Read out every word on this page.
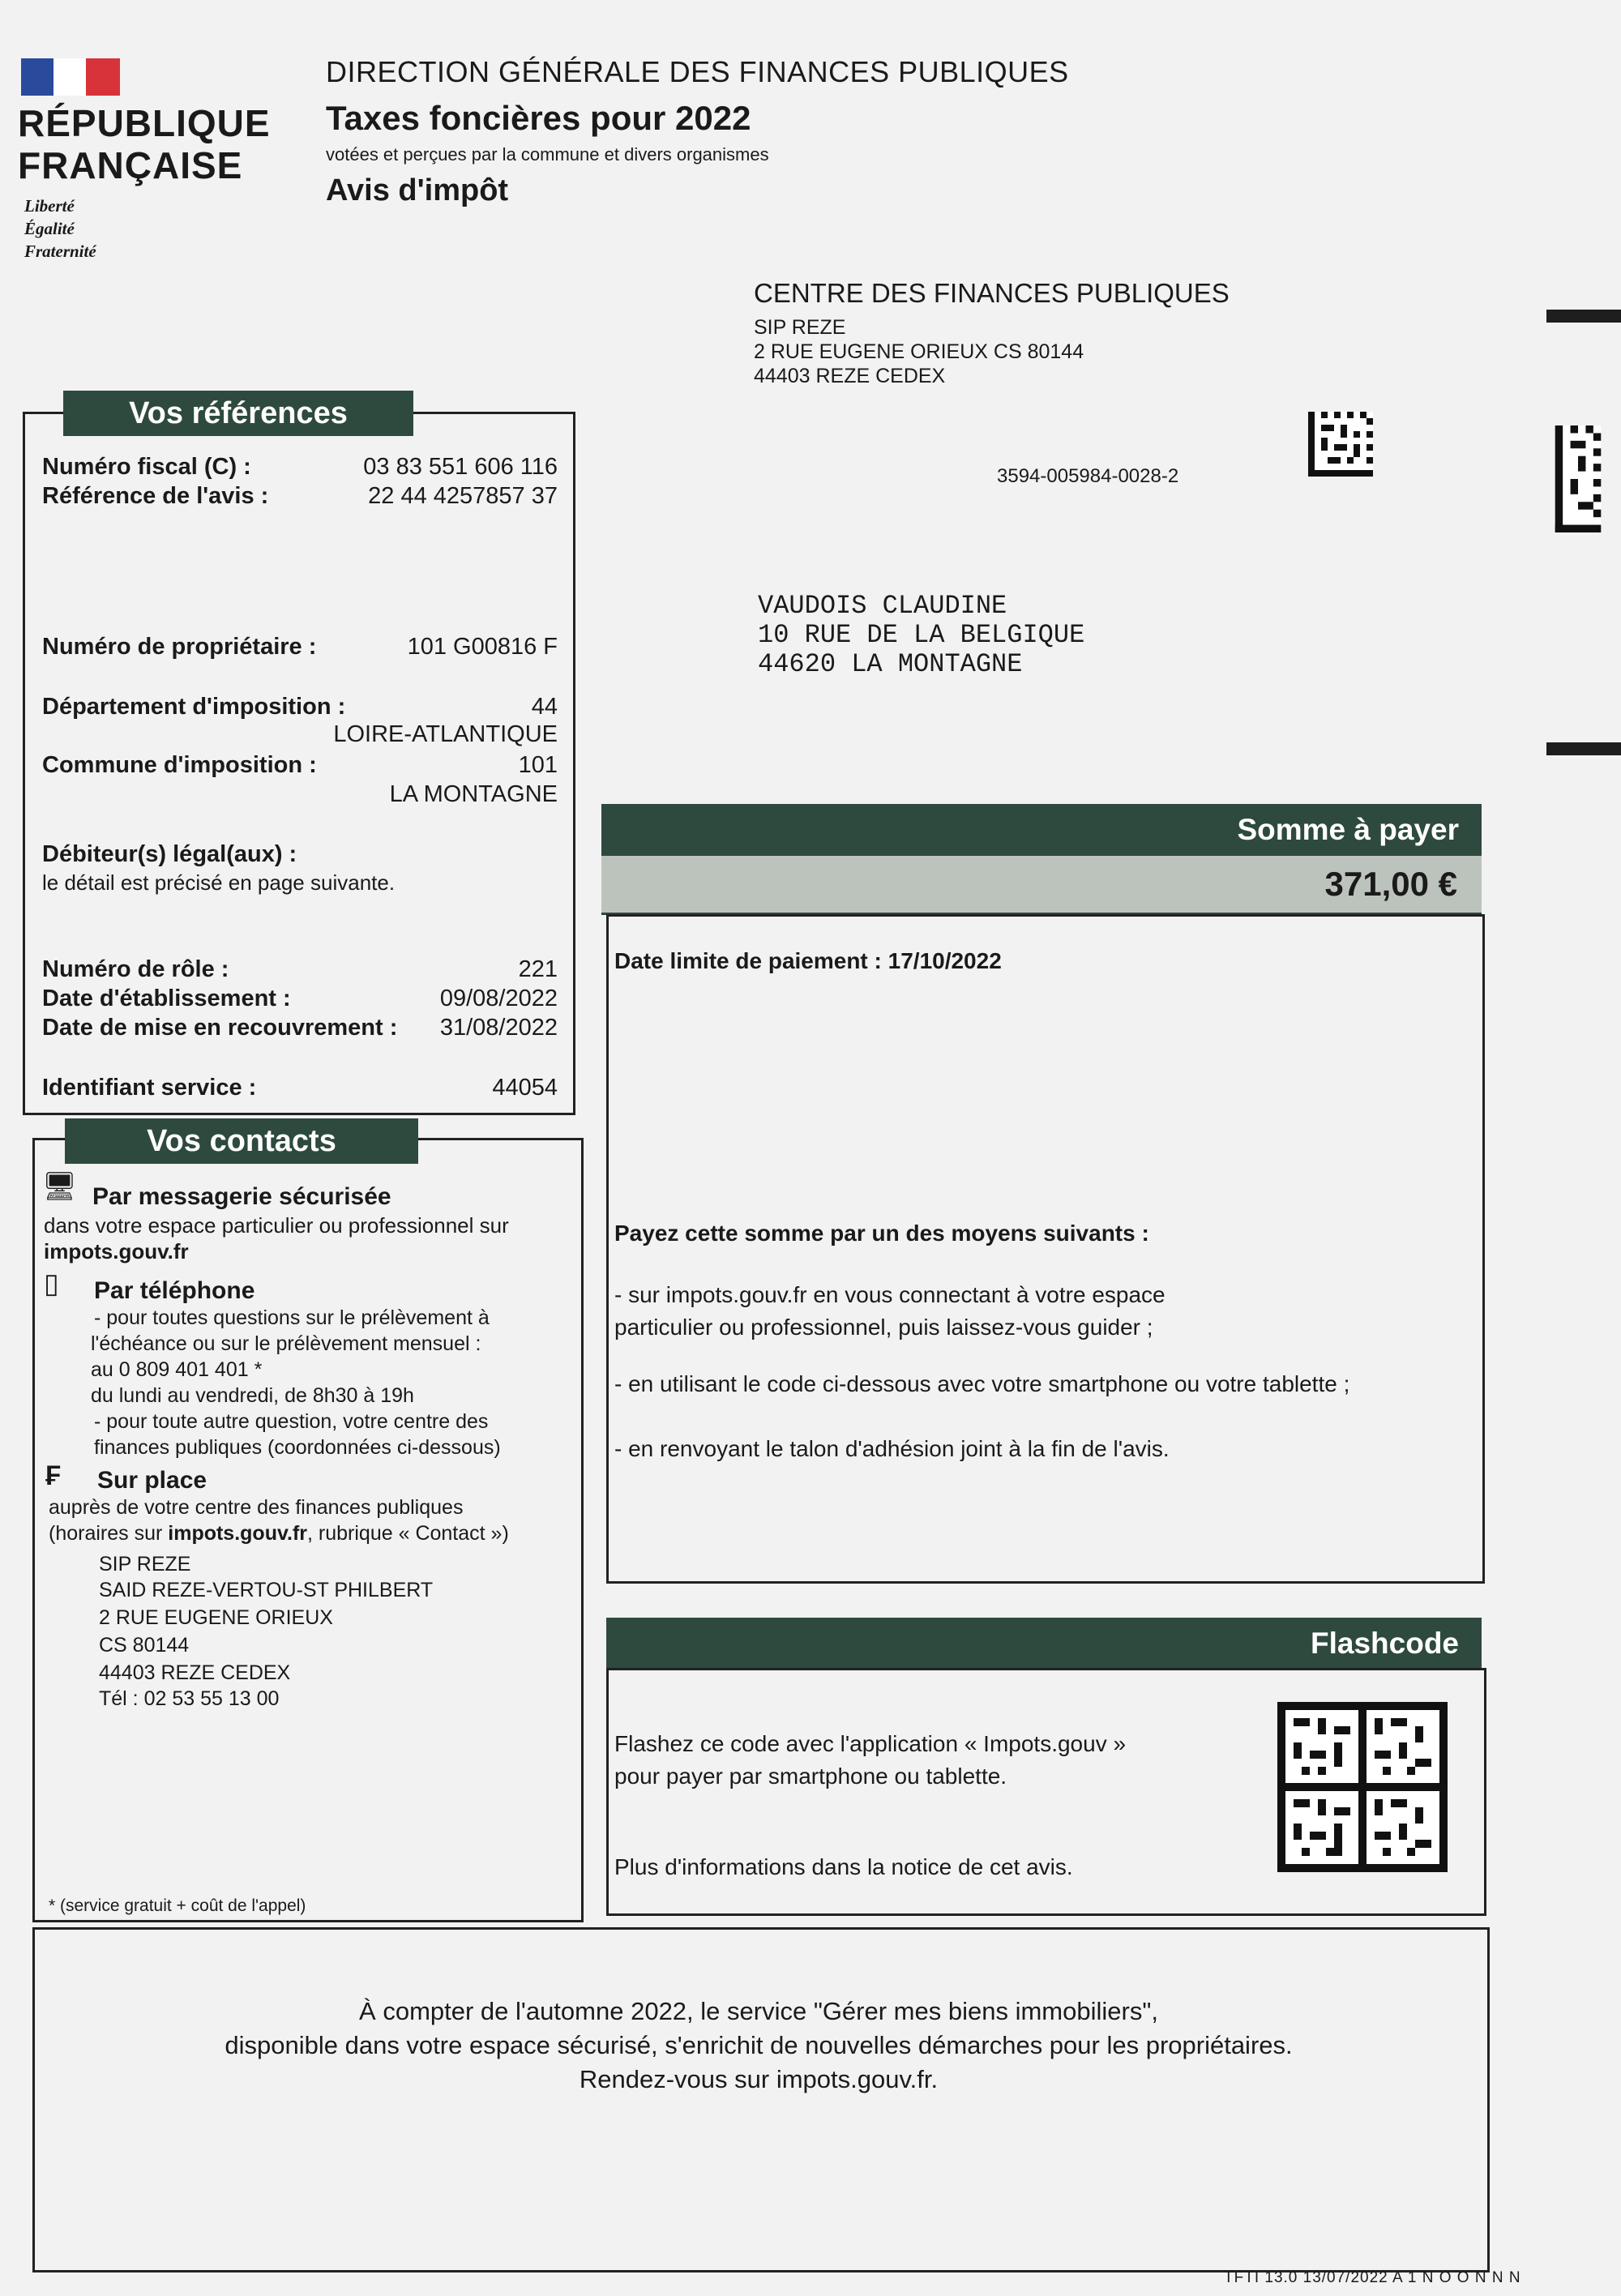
RÉPUBLIQUE
FRANÇAISE
Liberté
Égalité
Fraternité
DIRECTION GÉNÉRALE DES FINANCES PUBLIQUES
Taxes foncières pour 2022
votées et perçues par la commune et divers organismes
Avis d'impôt
CENTRE DES FINANCES PUBLIQUES
SIP REZE
2 RUE EUGENE ORIEUX CS 80144
44403 REZE CEDEX
3594-005984-0028-2
VAUDOIS CLAUDINE
10 RUE DE LA BELGIQUE
44620 LA MONTAGNE
Vos références
Numéro fiscal (C) :	03 83 551 606 116
Référence de l'avis :	22 44 4257857 37
Numéro de propriétaire :	101 G00816 F
Département d'imposition :	44
LOIRE-ATLANTIQUE
Commune d'imposition :	101
LA MONTAGNE
Débiteur(s) légal(aux) :
le détail est précisé en page suivante.
Numéro de rôle :	221
Date d'établissement :	09/08/2022
Date de mise en recouvrement : 31/08/2022
Identifiant service :	44054
Vos contacts
🖥 Par messagerie sécurisée
dans votre espace particulier ou professionnel sur
impots.gouv.fr
▯ Par téléphone
- pour toutes questions sur le prélèvement à
l'échéance ou sur le prélèvement mensuel :
au 0 809 401 401 *
du lundi au vendredi, de 8h30 à 19h
- pour toute autre question, votre centre des
finances publiques (coordonnées ci-dessous)
₣ Sur place
auprès de votre centre des finances publiques
(horaires sur impots.gouv.fr, rubrique « Contact »)
SIP REZE
SAID REZE-VERTOU-ST PHILBERT
2 RUE EUGENE ORIEUX
CS 80144
44403 REZE CEDEX
Tél : 02 53 55 13 00
* (service gratuit + coût de l'appel)
Somme à payer
371,00 €
Date limite de paiement : 17/10/2022
Payez cette somme par un des moyens suivants :
- sur impots.gouv.fr en vous connectant à votre espace
particulier ou professionnel, puis laissez-vous guider ;
- en utilisant le code ci-dessous avec votre smartphone ou votre tablette ;
- en renvoyant le talon d'adhésion joint à la fin de l'avis.
Flashcode
Flashez ce code avec l'application « Impots.gouv »
pour payer par smartphone ou tablette.
Plus d'informations dans la notice de cet avis.
À compter de l'automne 2022, le service "Gérer mes biens immobiliers",
disponible dans votre espace sécurisé, s'enrichit de nouvelles démarches pour les propriétaires.
Rendez-vous sur impots.gouv.fr.
TFTI 13.0 13/07/2022 A 1 N O O N N N
